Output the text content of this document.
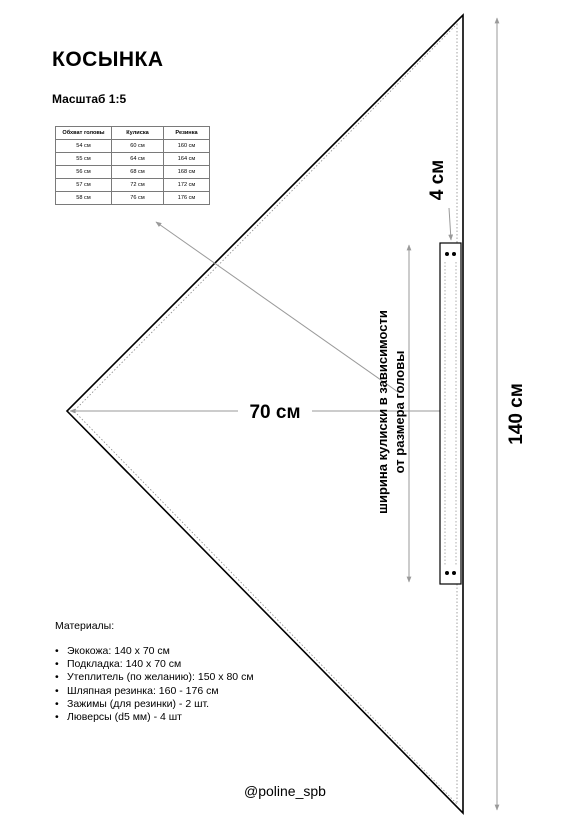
70 см	140 см
4 см
ширина кулиски в зависимости от размера головы
КОСЫНКА
Масштаб 1:5
Обхват головы	Кулиска	Резинка
54 см	60 см	160 см
55 см	64 см	164 см
56 см	68 см	168 см
57 см	72 см	172 см
58 см	76 см	176 см
Материалы:
• Экокожа: 140 х 70 см
• Подкладка: 140 х 70 см
• Утеплитель (по желанию): 150 х 80 см
• Шляпная резинка: 160 - 176 см
• Зажимы (для резинки) - 2 шт.
• Люверсы (d5 мм) - 4 шт
@poline_spb
